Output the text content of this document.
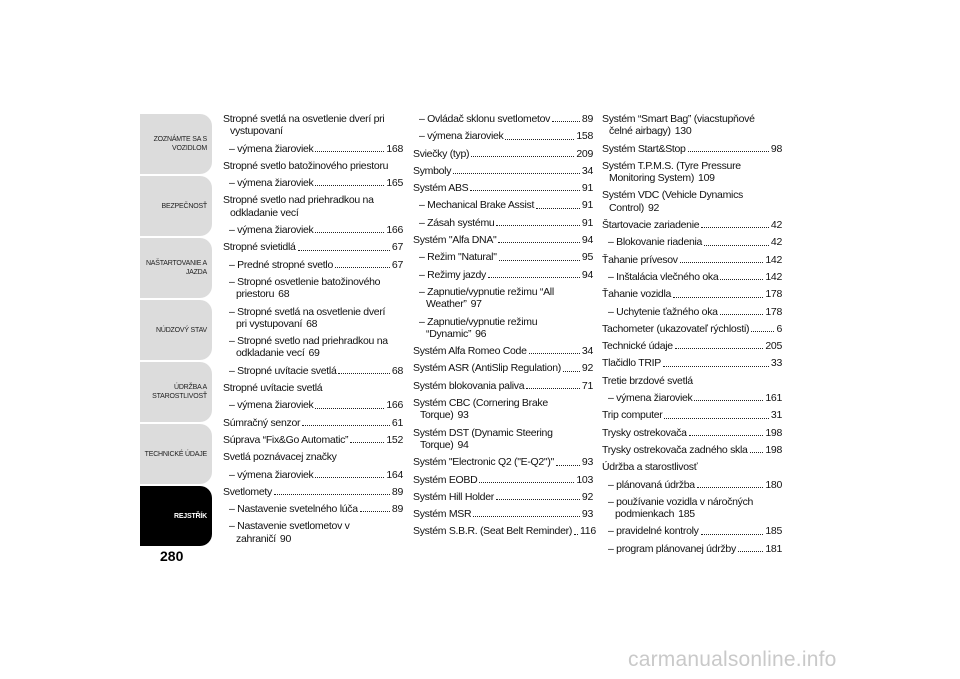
ZOZNÁMTE SA S VOZIDLOM
BEZPEČNOSŤ
NAŠTARTOVANIE A JAZDA
NÚDZOVÝ STAV
ÚDRŽBA A STAROSTLIVOSŤ
TECHNICKÉ ÚDAJE
REJSTŘÍK
280
Stropné svetlá na osvetlenie dverí pri
vystupovaní
– výmena žiaroviek	168
Stropné svetlo batožinového priestoru
– výmena žiaroviek	165
Stropné svetlo nad priehradkou na
odkladanie vecí
– výmena žiaroviek	166
Stropné svietidlá	67
– Predné stropné svetlo	67
– Stropné osvetlenie batožinového
priestoru 68
– Stropné svetlá na osvetlenie dverí
pri vystupovaní 68
– Stropné svetlo nad priehradkou na
odkladanie vecí 69
– Stropné uvítacie svetlá	68
Stropné uvítacie svetlá
– výmena žiaroviek	166
Súmračný senzor	61
Súprava “Fix&Go Automatic”	152
Svetlá poznávacej značky
– výmena žiaroviek	164
Svetlomety	89
– Nastavenie svetelného lúča	89
– Nastavenie svetlometov v
zahraničí 90
– Ovládač sklonu svetlometov	89
– výmena žiaroviek	158
Sviečky (typ)	209
Symboly	34
Systém ABS	91
– Mechanical Brake Assist	91
– Zásah systému	91
Systém "Alfa DNA"	94
– Režim "Natural"	95
– Režimy jazdy	94
– Zapnutie/vypnutie režimu “All
Weather” 97
– Zapnutie/vypnutie režimu
“Dynamic” 96
Systém Alfa Romeo Code	34
Systém ASR (AntiSlip Regulation) 92
Systém blokovania paliva	71
Systém CBC (Cornering Brake
Torque) 93
Systém DST (Dynamic Steering
Torque) 94
Systém "Electronic Q2 ("E-Q2")"	93
Systém EOBD	103
Systém Hill Holder	92
Systém MSR	93
Systém S.B.R. (Seat Belt Reminder) 116
Systém “Smart Bag” (viacstupňové
čelné airbagy) 130
Systém Start&Stop	98
Systém T.P.M.S. (Tyre Pressure
Monitoring System) 109
Systém VDC (Vehicle Dynamics
Control) 92
Štartovacie zariadenie	42
– Blokovanie riadenia	42
Ťahanie prívesov	142
– Inštalácia vlečného oka	142
Ťahanie vozidla	178
– Uchytenie ťažného oka	178
Tachometer (ukazovateľ rýchlosti)	6
Technické údaje	205
Tlačidlo TRIP	33
Tretie brzdové svetlá
– výmena žiaroviek	161
Trip computer	31
Trysky ostrekovača	198
Trysky ostrekovača zadného skla 198
Údržba a starostlivosť
– plánovaná údržba	180
– používanie vozidla v náročných
podmienkach 185
– pravidelné kontroly	185
– program plánovanej údržby	181
carmanualsonline.info
